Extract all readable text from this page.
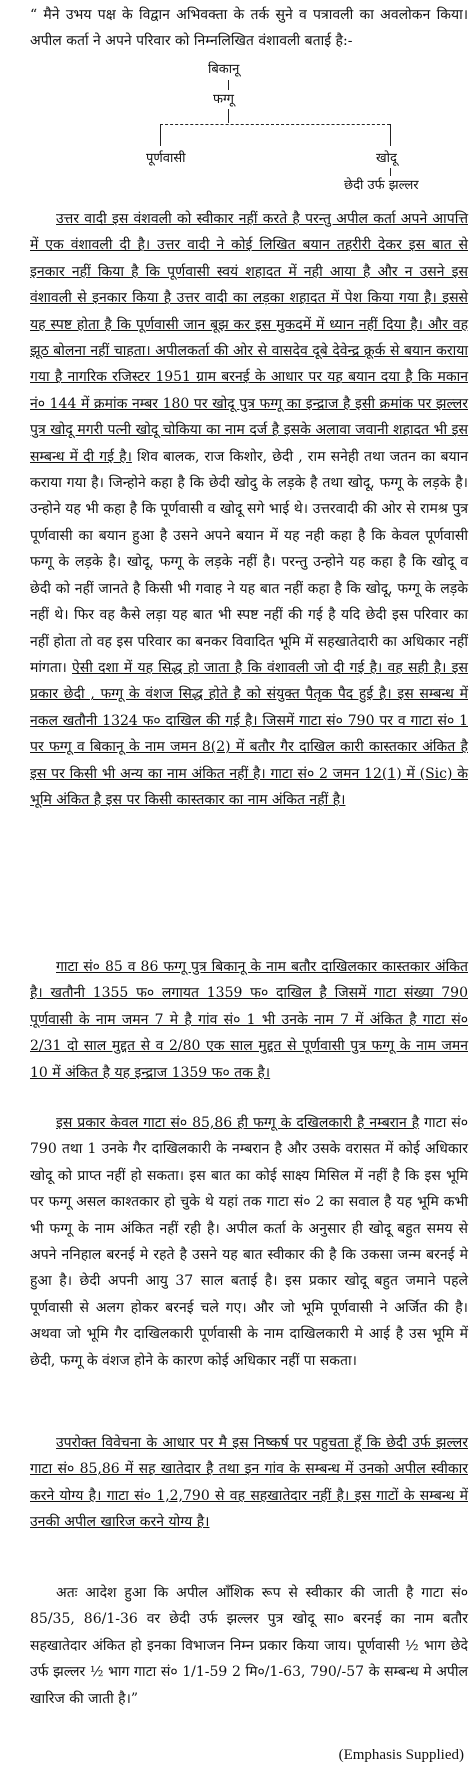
“ मैने उभय पक्ष के विद्वान अभिवक्ता के तर्क सुने व पत्रावली का अवलोकन किया। अपील कर्ता ने अपने परिवार को निम्नलिखित वंशावली बताई है:-

बिकानू
फग्गू
पूर्णवासी	खोदू
छेदी उर्फ झल्लर

उत्तर वादी इस वंशवली को स्वीकार नहीं करते है परन्तु अपील कर्ता अपने आपत्ति में एक वंशावली दी है। उत्तर वादी ने कोई लिखित बयान तहरीरी देकर इस बात से इनकार नहीं किया है कि पूर्णवासी स्वयं शहादत में नही आया है और न उसने इस वंशावली से इनकार किया है उत्तर वादी का लड़का शहादत में पेश किया गया है। इससे यह स्पष्ट होता है कि पूर्णवासी जान बूझ कर इस मुकदमें में ध्यान नहीं दिया है। और वह झूठ बोलना नहीं चाहता। अपीलकर्ता की ओर से वासदेव दूबे देवेन्द्र क्रूर्क से बयान कराया गया है नागरिक रजिस्टर 1951 ग्राम बरनई के आधार पर यह बयान दया है कि मकान नं० 144 में क्रमांक नम्बर 180 पर खोदू पुत्र फग्गू का इन्द्राज है इसी क्रमांक पर झल्लर पुत्र खोदू मगरी पत्नी खोदू चोकिया का नाम दर्ज है इसके अलावा जवानी शहादत भी इस सम्बन्ध में दी गई है। शिव बालक, राज किशोर, छेदी , राम सनेही तथा जतन का बयान कराया गया है। जिन्होने कहा है कि छेदी खोदु के लड़के है तथा खोदू, फग्गू के लड़के है। उन्होने यह भी कहा है कि पूर्णवासी व खोदू सगे भाई थे। उत्तरवादी की ओर से रामश्र पुत्र पूर्णवासी का बयान हुआ है उसने अपने बयान में यह नही कहा है कि केवल पूर्णवासी फग्गू के लड़के है। खोदू, फग्गू के लड़के नहीं है। परन्तु उन्होने यह कहा है कि खोदू व छेदी को नहीं जानते है किसी भी गवाह ने यह बात नहीं कहा है कि खोदू, फग्गू के लड़के नहीं थे। फिर वह कैसे लड़ा यह बात भी स्पष्ट नहीं की गई है यदि छेदी इस परिवार का नहीं होता तो वह इस परिवार का बनकर विवादित भूमि में सहखातेदारी का अधिकार नहीं मांगता। ऐसी दशा में यह सिद्ध हो जाता है कि वंशावली जो दी गई है। वह सही है। इस प्रकार छेदी , फग्गू के वंशज सिद्ध होते है को संयुक्त पैतृक पैद हुई है। इस सम्बन्ध में नकल खतौनी 1324 फ० दाखिल की गई है। जिसमें गाटा सं० 790 पर व गाटा सं० 1 पर फग्गू व बिकानू के नाम जमन 8(2) में बतौर गैर दाखिल कारी कास्तकार अंकित है इस पर किसी भी अन्य का नाम अंकित नहीं है। गाटा सं० 2 जमन 12(1) में (Sic) के भूमि अंकित है इस पर किसी कास्तकार का नाम अंकित नहीं है।

गाटा सं० 85 व 86 फग्गू पुत्र बिकानू के नाम बतौर दाखिलकार कास्तकार अंकित है। खतौनी 1355 फ० लगायत 1359 फ० दाखिल है जिसमें गाटा संख्या 790 पूर्णवासी के नाम जमन 7 मे है गांव सं० 1 भी उनके नाम 7 में अंकित है गाटा सं० 2/31 दो साल मुद्दत से व 2/80 एक साल मुद्दत से पूर्णवासी पुत्र फग्गू के नाम जमन 10 में अंकित है यह इन्द्राज 1359 फ० तक है।

इस प्रकार केवल गाटा सं० 85,86 ही फग्गू के दखिलकारी है नम्बरान है गाटा सं० 790 तथा 1 उनके गैर दाखिलकारी के नम्बरान है और उसके वरासत में कोई अधिकार खोदू को प्राप्त नहीं हो सकता। इस बात का कोई साक्ष्य मिसिल में नहीं है कि इस भूमि पर फग्गू असल काश्तकार हो चुके थे यहां तक गाटा सं० 2 का सवाल है यह भूमि कभी भी फग्गू के नाम अंकित नहीं रही है। अपील कर्ता के अनुसार ही खोदू बहुत समय से अपने ननिहाल बरनई मे रहते है उसने यह बात स्वीकार की है कि उकसा जन्म बरनई मे हुआ है। छेदी अपनी आयु 37 साल बताई है। इस प्रकार खोदू बहुत जमाने पहले पूर्णवासी से अलग होकर बरनई चले गए। और जो भूमि पूर्णवासी ने अर्जित की है। अथवा जो भूमि गैर दाखिलकारी पूर्णवासी के नाम दाखिलकारी मे आई है उस भूमि में छेदी, फग्गू के वंशज होने के कारण कोई अधिकार नहीं पा सकता।

उपरोक्त विवेचना के आधार पर मै इस निष्कर्ष पर पहुचता हूँ कि छेदी उर्फ झल्लर गाटा सं० 85,86 में सह खातेदार है तथा इन गांव के सम्बन्ध में उनको अपील स्वीकार करने योग्य है। गाटा सं० 1,2,790 से वह सहखातेदार नहीं है। इस गाटों के सम्बन्ध में उनकी अपील खारिज करने योग्य है।

अतः आदेश हुआ कि अपील आँशिक रूप से स्वीकार की जाती है गाटा सं० 85/35, 86/1-36 वर छेदी उर्फ झल्लर पुत्र खोदू सा० बरनई का नाम बतौर सहखातेदार अंकित हो इनका विभाजन निम्न प्रकार किया जाय। पूर्णवासी ½ भाग छेदे उर्फ झल्लर ½ भाग गाटा सं० 1/1-59 2 मि०/1-63, 790/-57 के सम्बन्ध मे अपील खारिज की जाती है।”

(Emphasis Supplied)
